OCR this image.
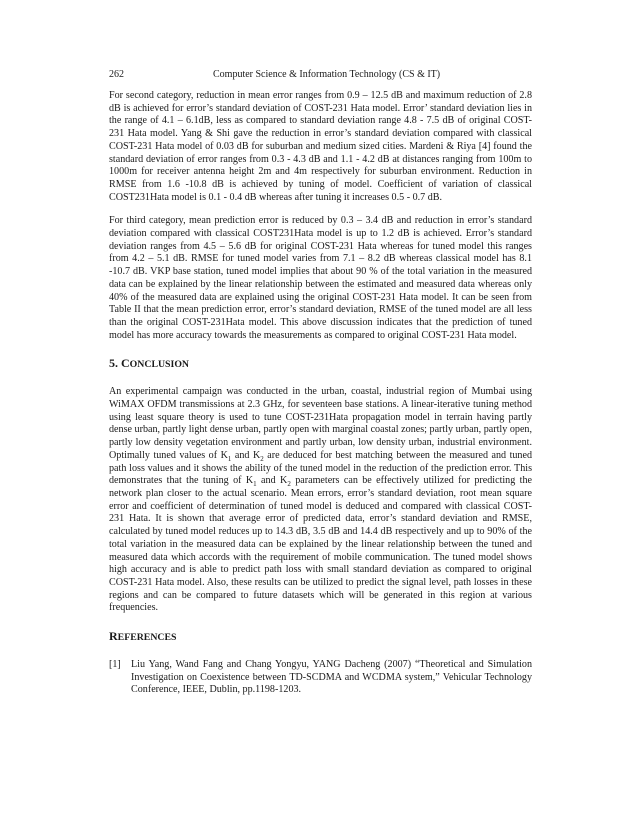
262	Computer Science & Information Technology (CS & IT)

For second category, reduction in mean error ranges from 0.9 – 12.5 dB and maximum reduction of 2.8 dB is achieved for error’s standard deviation of COST-231 Hata model. Error’ standard deviation lies in the range of 4.1 – 6.1dB, less as compared to standard deviation range 4.8 - 7.5 dB of original COST-231 Hata model. Yang & Shi gave the reduction in error’s standard deviation compared with classical COST-231 Hata model of 0.03 dB for suburban and medium sized cities. Mardeni & Riya [4] found the standard deviation of error ranges from 0.3 - 4.3 dB and 1.1 - 4.2 dB at distances ranging from 100m to 1000m for receiver antenna height 2m and 4m respectively for suburban environment. Reduction in RMSE from 1.6 -10.8 dB is achieved by tuning of model. Coefficient of variation of classical COST231Hata model is 0.1 - 0.4 dB whereas after tuning it increases 0.5 - 0.7 dB.

For third category, mean prediction error is reduced by 0.3 – 3.4 dB and reduction in error’s standard deviation compared with classical COST231Hata model is up to 1.2 dB is achieved. Error’s standard deviation ranges from 4.5 – 5.6 dB for original COST-231 Hata whereas for tuned model this ranges from 4.2 – 5.1 dB. RMSE for tuned model varies from 7.1 – 8.2 dB whereas classical model has 8.1 -10.7 dB. VKP base station, tuned model implies that about 90 % of the total variation in the measured data can be explained by the linear relationship between the estimated and measured data whereas only 40% of the measured data are explained using the original COST-231 Hata model. It can be seen from Table II that the mean prediction error, error’s standard deviation, RMSE of the tuned model are all less than the original COST-231Hata model. This above discussion indicates that the prediction of tuned model has more accuracy towards the measurements as compared to original COST-231 Hata model.

5. CONCLUSION

An experimental campaign was conducted in the urban, coastal, industrial region of Mumbai using WiMAX OFDM transmissions at 2.3 GHz, for seventeen base stations. A linear-iterative tuning method using least square theory is used to tune COST-231Hata propagation model in terrain having partly dense urban, partly light dense urban, partly open with marginal coastal zones; partly urban, partly open, partly low density vegetation environment and partly urban, low density urban, industrial environment. Optimally tuned values of $K_1$ and $K_2$ are deduced for best matching between the measured and tuned path loss values and it shows the ability of the tuned model in the reduction of the prediction error. This demonstrates that the tuning of $K_1$ and $K_2$ parameters can be effectively utilized for predicting the network plan closer to the actual scenario. Mean errors, error’s standard deviation, root mean square error and coefficient of determination of tuned model is deduced and compared with classical COST-231 Hata. It is shown that average error of predicted data, error’s standard deviation and RMSE, calculated by tuned model reduces up to 14.3 dB, 3.5 dB and 14.4 dB respectively and up to 90% of the total variation in the measured data can be explained by the linear relationship between the tuned and measured data which accords with the requirement of mobile communication. The tuned model shows high accuracy and is able to predict path loss with small standard deviation as compared to original COST-231 Hata model. Also, these results can be utilized to predict the signal level, path losses in these regions and can be compared to future datasets which will be generated in this region at various frequencies.

REFERENCES
[1] Liu Yang, Wand Fang and Chang Yongyu, YANG Dacheng (2007) “Theoretical and Simulation Investigation on Coexistence between TD-SCDMA and WCDMA system,” Vehicular Technology Conference, IEEE, Dublin, pp.1198-1203.
